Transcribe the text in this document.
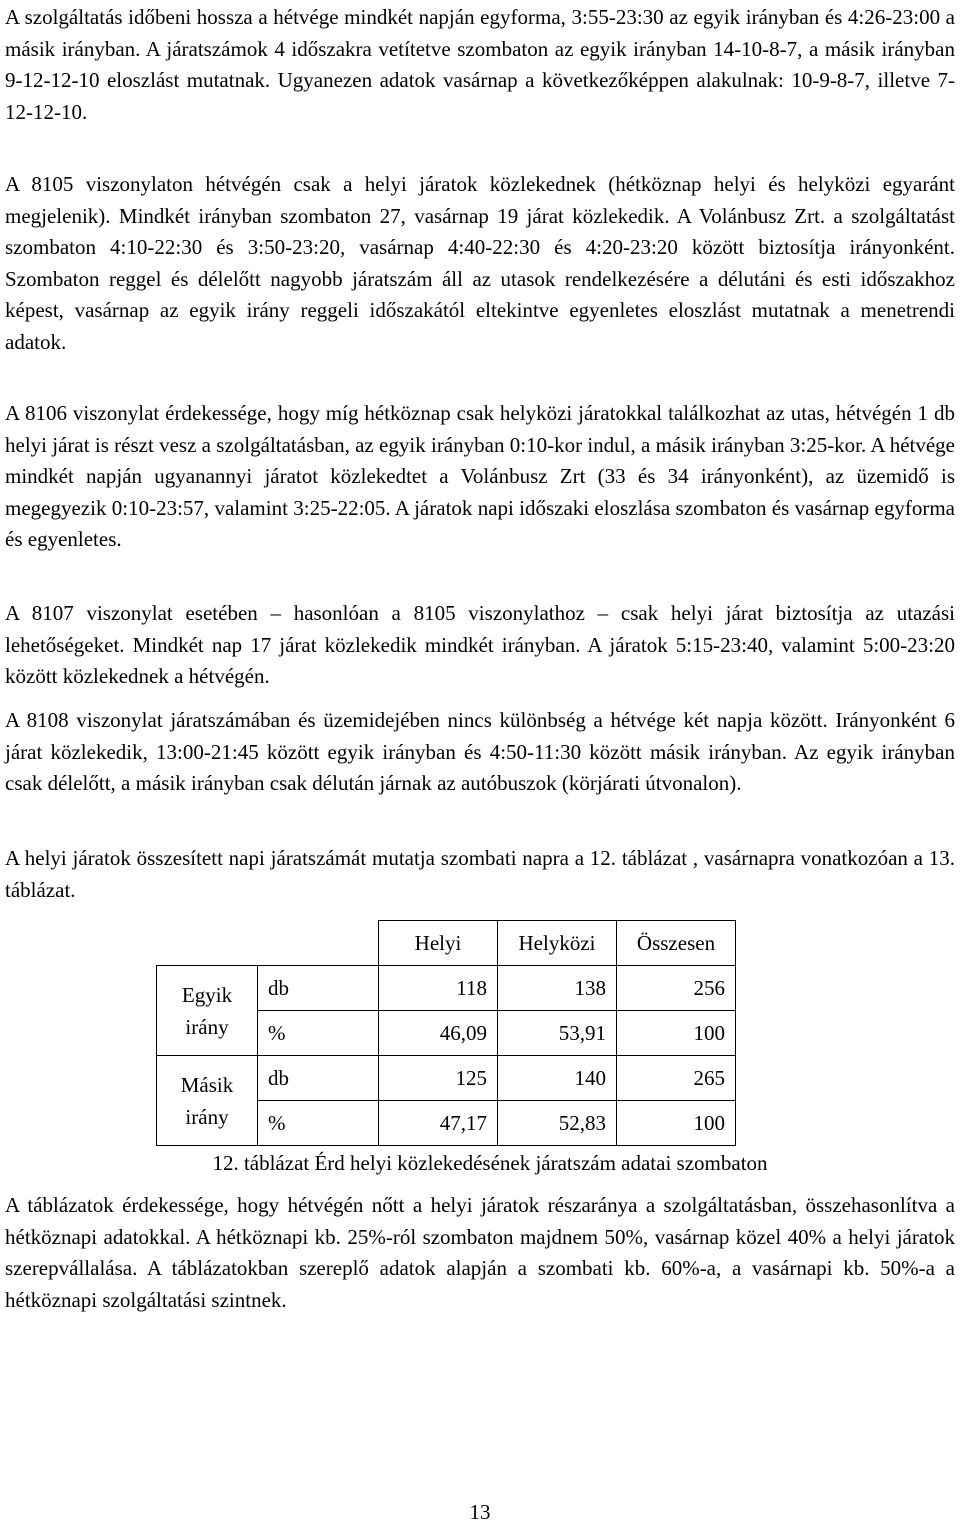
A szolgáltatás időbeni hossza a hétvége mindkét napján egyforma, 3:55-23:30 az egyik irányban és 4:26-23:00 a másik irányban. A járatszámok 4 időszakra vetítetve szombaton az egyik irányban 14-10-8-7, a másik irányban 9-12-12-10 eloszlást mutatnak. Ugyanezen adatok vasárnap a következőképpen alakulnak: 10-9-8-7, illetve 7-12-12-10.

A 8105 viszonylaton hétvégén csak a helyi járatok közlekednek (hétköznap helyi és helyközi egyaránt megjelenik). Mindkét irányban szombaton 27, vasárnap 19 járat közlekedik. A Volánbusz Zrt. a szolgáltatást szombaton 4:10-22:30 és 3:50-23:20, vasárnap 4:40-22:30 és 4:20-23:20 között biztosítja irányonként. Szombaton reggel és délelőtt nagyobb járatszám áll az utasok rendelkezésére a délutáni és esti időszakhoz képest, vasárnap az egyik irány reggeli időszakától eltekintve egyenletes eloszlást mutatnak a menetrendi adatok.

A 8106 viszonylat érdekessége, hogy míg hétköznap csak helyközi járatokkal találkozhat az utas, hétvégén 1 db helyi járat is részt vesz a szolgáltatásban, az egyik irányban 0:10-kor indul, a másik irányban 3:25-kor. A hétvége mindkét napján ugyanannyi járatot közlekedtet a Volánbusz Zrt (33 és 34 irányonként), az üzemidő is megegyezik 0:10-23:57, valamint 3:25-22:05. A járatok napi időszaki eloszlása szombaton és vasárnap egyforma és egyenletes.

A 8107 viszonylat esetében – hasonlóan a 8105 viszonylathoz – csak helyi járat biztosítja az utazási lehetőségeket. Mindkét nap 17 járat közlekedik mindkét irányban. A járatok 5:15-23:40, valamint 5:00-23:20 között közlekednek a hétvégén.

A 8108 viszonylat járatszámában és üzemidejében nincs különbség a hétvége két napja között. Irányonként 6 járat közlekedik, 13:00-21:45 között egyik irányban és 4:50-11:30 között másik irányban. Az egyik irányban csak délelőtt, a másik irányban csak délután járnak az autóbuszok (körjárati útvonalon).

A helyi járatok összesített napi járatszámát mutatja szombati napra a 12. táblázat , vasárnapra vonatkozóan a 13. táblázat.

		Helyi	Helyközi	Összesen
Egyik irány	db	118	138	256
	%	46,09	53,91	100
Másik irány	db	125	140	265
	%	47,17	52,83	100
12. táblázat Érd helyi közlekedésének járatszám adatai szombaton

A táblázatok érdekessége, hogy hétvégén nőtt a helyi járatok részaránya a szolgáltatásban, összehasonlítva a hétköznapi adatokkal. A hétköznapi kb. 25%-ról szombaton majdnem 50%, vasárnap közel 40% a helyi járatok szerepvállalása. A táblázatokban szereplő adatok alapján a szombati kb. 60%-a, a vasárnapi kb. 50%-a a hétköznapi szolgáltatási szintnek.

13
